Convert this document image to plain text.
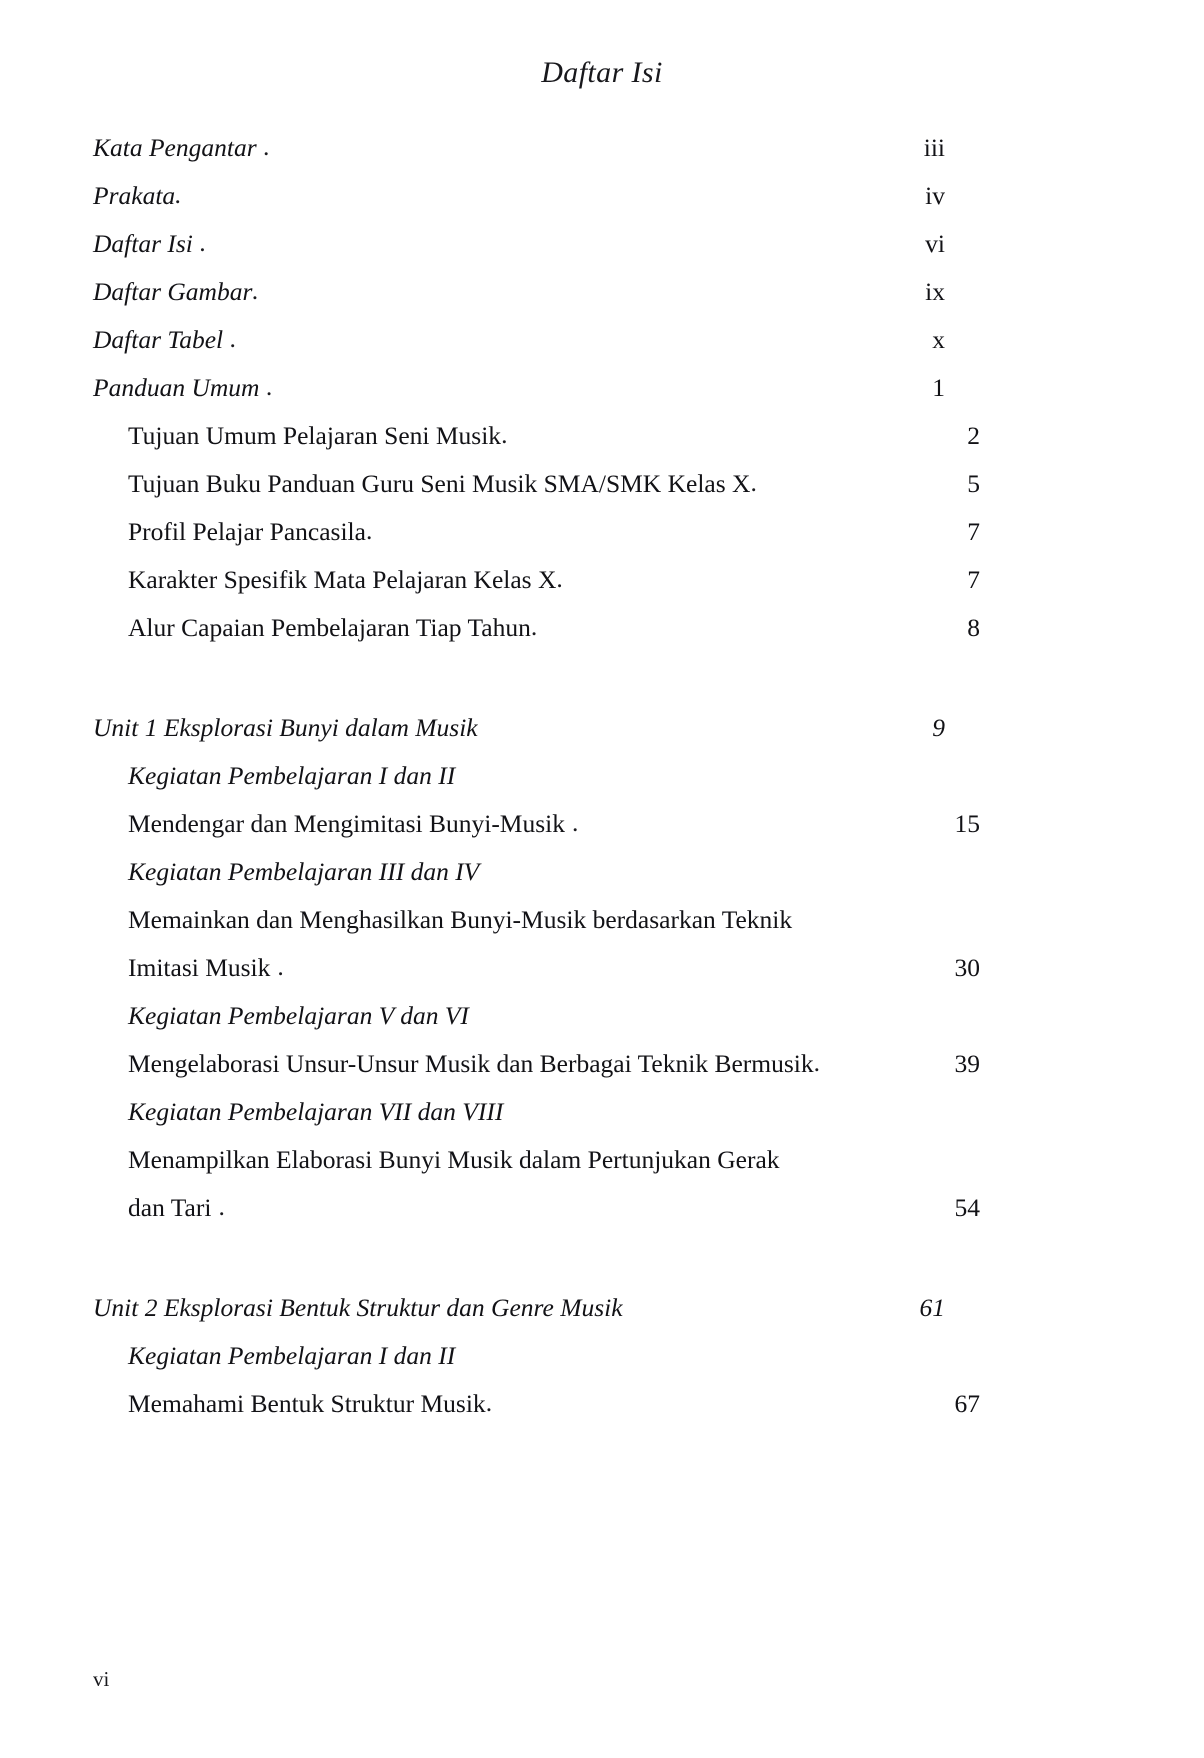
Daftar Isi
Kata Pengantar .	iii
Prakata .	iv
Daftar Isi .	vi
Daftar Gambar .	ix
Daftar Tabel .	x
Panduan Umum .	1
Tujuan Umum Pelajaran Seni Musik .	2
Tujuan Buku Panduan Guru Seni Musik SMA/SMK Kelas X .	5
Profil Pelajar Pancasila .	7
Karakter Spesifik Mata Pelajaran Kelas X .	7
Alur Capaian Pembelajaran Tiap Tahun .	8
Unit 1 Eksplorasi Bunyi dalam Musik	9
Kegiatan Pembelajaran I dan II
Mendengar dan Mengimitasi Bunyi-Musik .	15
Kegiatan Pembelajaran III dan IV
Memainkan dan Menghasilkan Bunyi-Musik berdasarkan Teknik
Imitasi Musik .	30
Kegiatan Pembelajaran V dan VI
Mengelaborasi Unsur-Unsur Musik dan Berbagai Teknik Bermusik .	39
Kegiatan Pembelajaran VII dan VIII
Menampilkan Elaborasi Bunyi Musik dalam Pertunjukan Gerak
dan Tari .	54
Unit 2 Eksplorasi Bentuk Struktur dan Genre Musik	61
Kegiatan Pembelajaran I dan II
Memahami Bentuk Struktur Musik .	67
vi
